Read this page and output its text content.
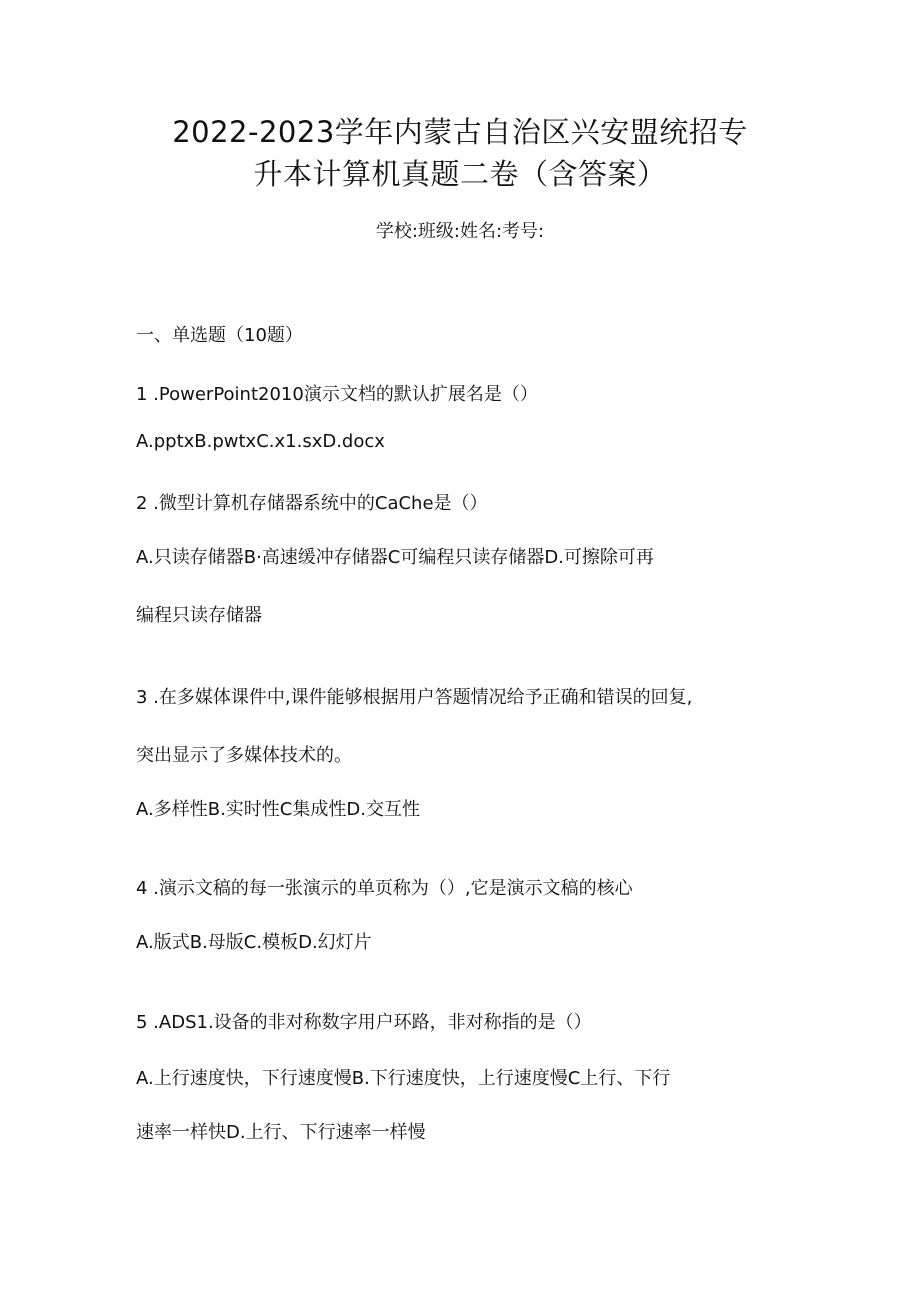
2022-2023学年内蒙古自治区兴安盟统招专
升本计算机真题二卷（含答案）
学校:班级:姓名:考号:
一、单选题（10题）
1 .PowerPoint2010演示文档的默认扩展名是（）
A.pptxB.pwtxC.x1.sxD.docx
2 .微型计算机存储器系统中的CaChe是（）
A.只读存储器B·高速缓冲存储器C可编程只读存储器D.可擦除可再
编程只读存储器
3 .在多媒体课件中,课件能够根据用户答题情况给予正确和错误的回复,
突出显示了多媒体技术的。
A.多样性B.实时性C集成性D.交互性
4 .演示文稿的每一张演示的单页称为（）,它是演示文稿的核心
A.版式B.母版C.模板D.幻灯片
5 .ADS1.设备的非对称数字用户环路，非对称指的是（）
A.上行速度快，下行速度慢B.下行速度快，上行速度慢C上行、下行
速率一样快D.上行、下行速率一样慢
